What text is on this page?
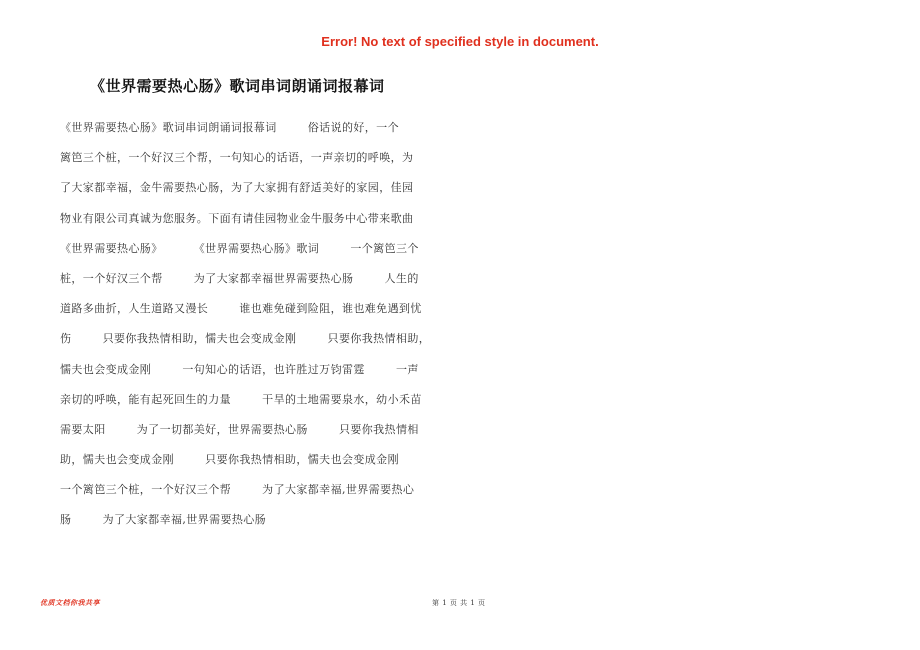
Error! No text of specified style in document.
《世界需要热心肠》歌词串词朗诵词报幕词
《世界需要热心肠》歌词串词朗诵词报幕词        俗话说的好，一个
篱笆三个桩，一个好汉三个帮，一句知心的话语，一声亲切的呼唤，为
了大家都幸福，金牛需要热心肠，为了大家拥有舒适美好的家园，佳园
物业有限公司真诚为您服务。下面有请佳园物业金牛服务中心带来歌曲
《世界需要热心肠》        《世界需要热心肠》歌词        一个篱笆三个
桩，一个好汉三个帮        为了大家都幸福世界需要热心肠        人生的
道路多曲折，人生道路又漫长        谁也难免碰到险阻，谁也难免遇到忧
伤        只要你我热情相助，懦夫也会变成金刚        只要你我热情相助，
懦夫也会变成金刚        一句知心的话语，也许胜过万钧雷霆        一声
亲切的呼唤，能有起死回生的力量        干旱的土地需要泉水，幼小禾苗
需要太阳        为了一切都美好，世界需要热心肠        只要你我热情相
助，懦夫也会变成金刚        只要你我热情相助，懦夫也会变成金刚
一个篱笆三个桩，一个好汉三个帮        为了大家都幸福,世界需要热心
肠        为了大家都幸福,世界需要热心肠
优质文档你我共享	第 1 页 共 1 页
